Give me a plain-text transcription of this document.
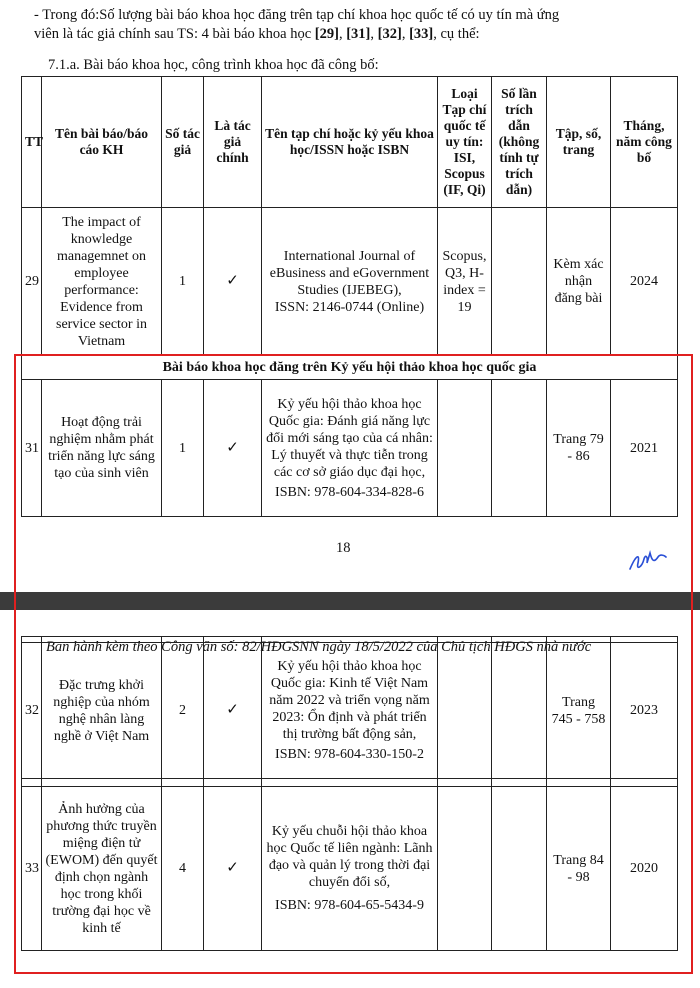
- Trong đó:Số lượng bài báo khoa học đăng trên tạp chí khoa học quốc tế có uy tín mà ứng
viên là tác giả chính sau TS: 4 bài báo khoa học [29], [31], [32], [33], cụ thể:
7.1.a. Bài báo khoa học, công trình khoa học đã công bố:
TT	Tên bài báo/báo cáo KH	Số tác giả	Là tác giả chính	Tên tạp chí hoặc kỷ yếu khoa học/ISSN hoặc ISBN	Loại Tạp chí quốc tế uy tín: ISI, Scopus (IF, Qi)	Số lần trích dẫn (không tính tự trích dẫn)	Tập, số, trang	Tháng, năm công bố
29	The impact of knowledge managemnet on employee performance: Evidence from service sector in Vietnam	1	✓	International Journal of eBusiness and eGovernment Studies (IJEBEG),
ISSN: 2146-0744 (Online)	Scopus, Q3, H-index = 19		Kèm xác nhận đăng bài	2024
Bài báo khoa học đăng trên Kỷ yếu hội thảo khoa học quốc gia								
31	Hoạt động trải nghiệm nhằm phát triển năng lực sáng tạo của sinh viên	1	✓	Kỷ yếu hội thảo khoa học Quốc gia: Đánh giá năng lực đổi mới sáng tạo của cá nhân: Lý thuyết và thực tiễn trong các cơ sở giáo dục đại học,
ISBN: 978-604-334-828-6			Trang 79 - 86	2021
18
Ban hành kèm theo Công văn số: 82/HĐGSNN ngày 18/5/2022 của Chủ tịch HĐGS nhà nước

32	Đặc trưng khởi nghiệp của nhóm nghệ nhân làng nghề ở Việt Nam	2	✓	Kỷ yếu hội thảo khoa học Quốc gia: Kinh tế Việt Nam năm 2022 và triển vọng năm 2023: Ổn định và phát triển thị trường bất động sản,
ISBN: 978-604-330-150-2			Trang 745 - 758	2023

33	Ảnh hưởng của phương thức truyền miệng điện tử (EWOM) đến quyết định chọn ngành học trong khối trường đại học về kinh tế	4	✓	Kỷ yếu chuỗi hội thảo khoa học Quốc tế liên ngành: Lãnh đạo và quản lý trong thời đại chuyển đổi số,
ISBN: 978-604-65-5434-9			Trang 84 - 98	2020
